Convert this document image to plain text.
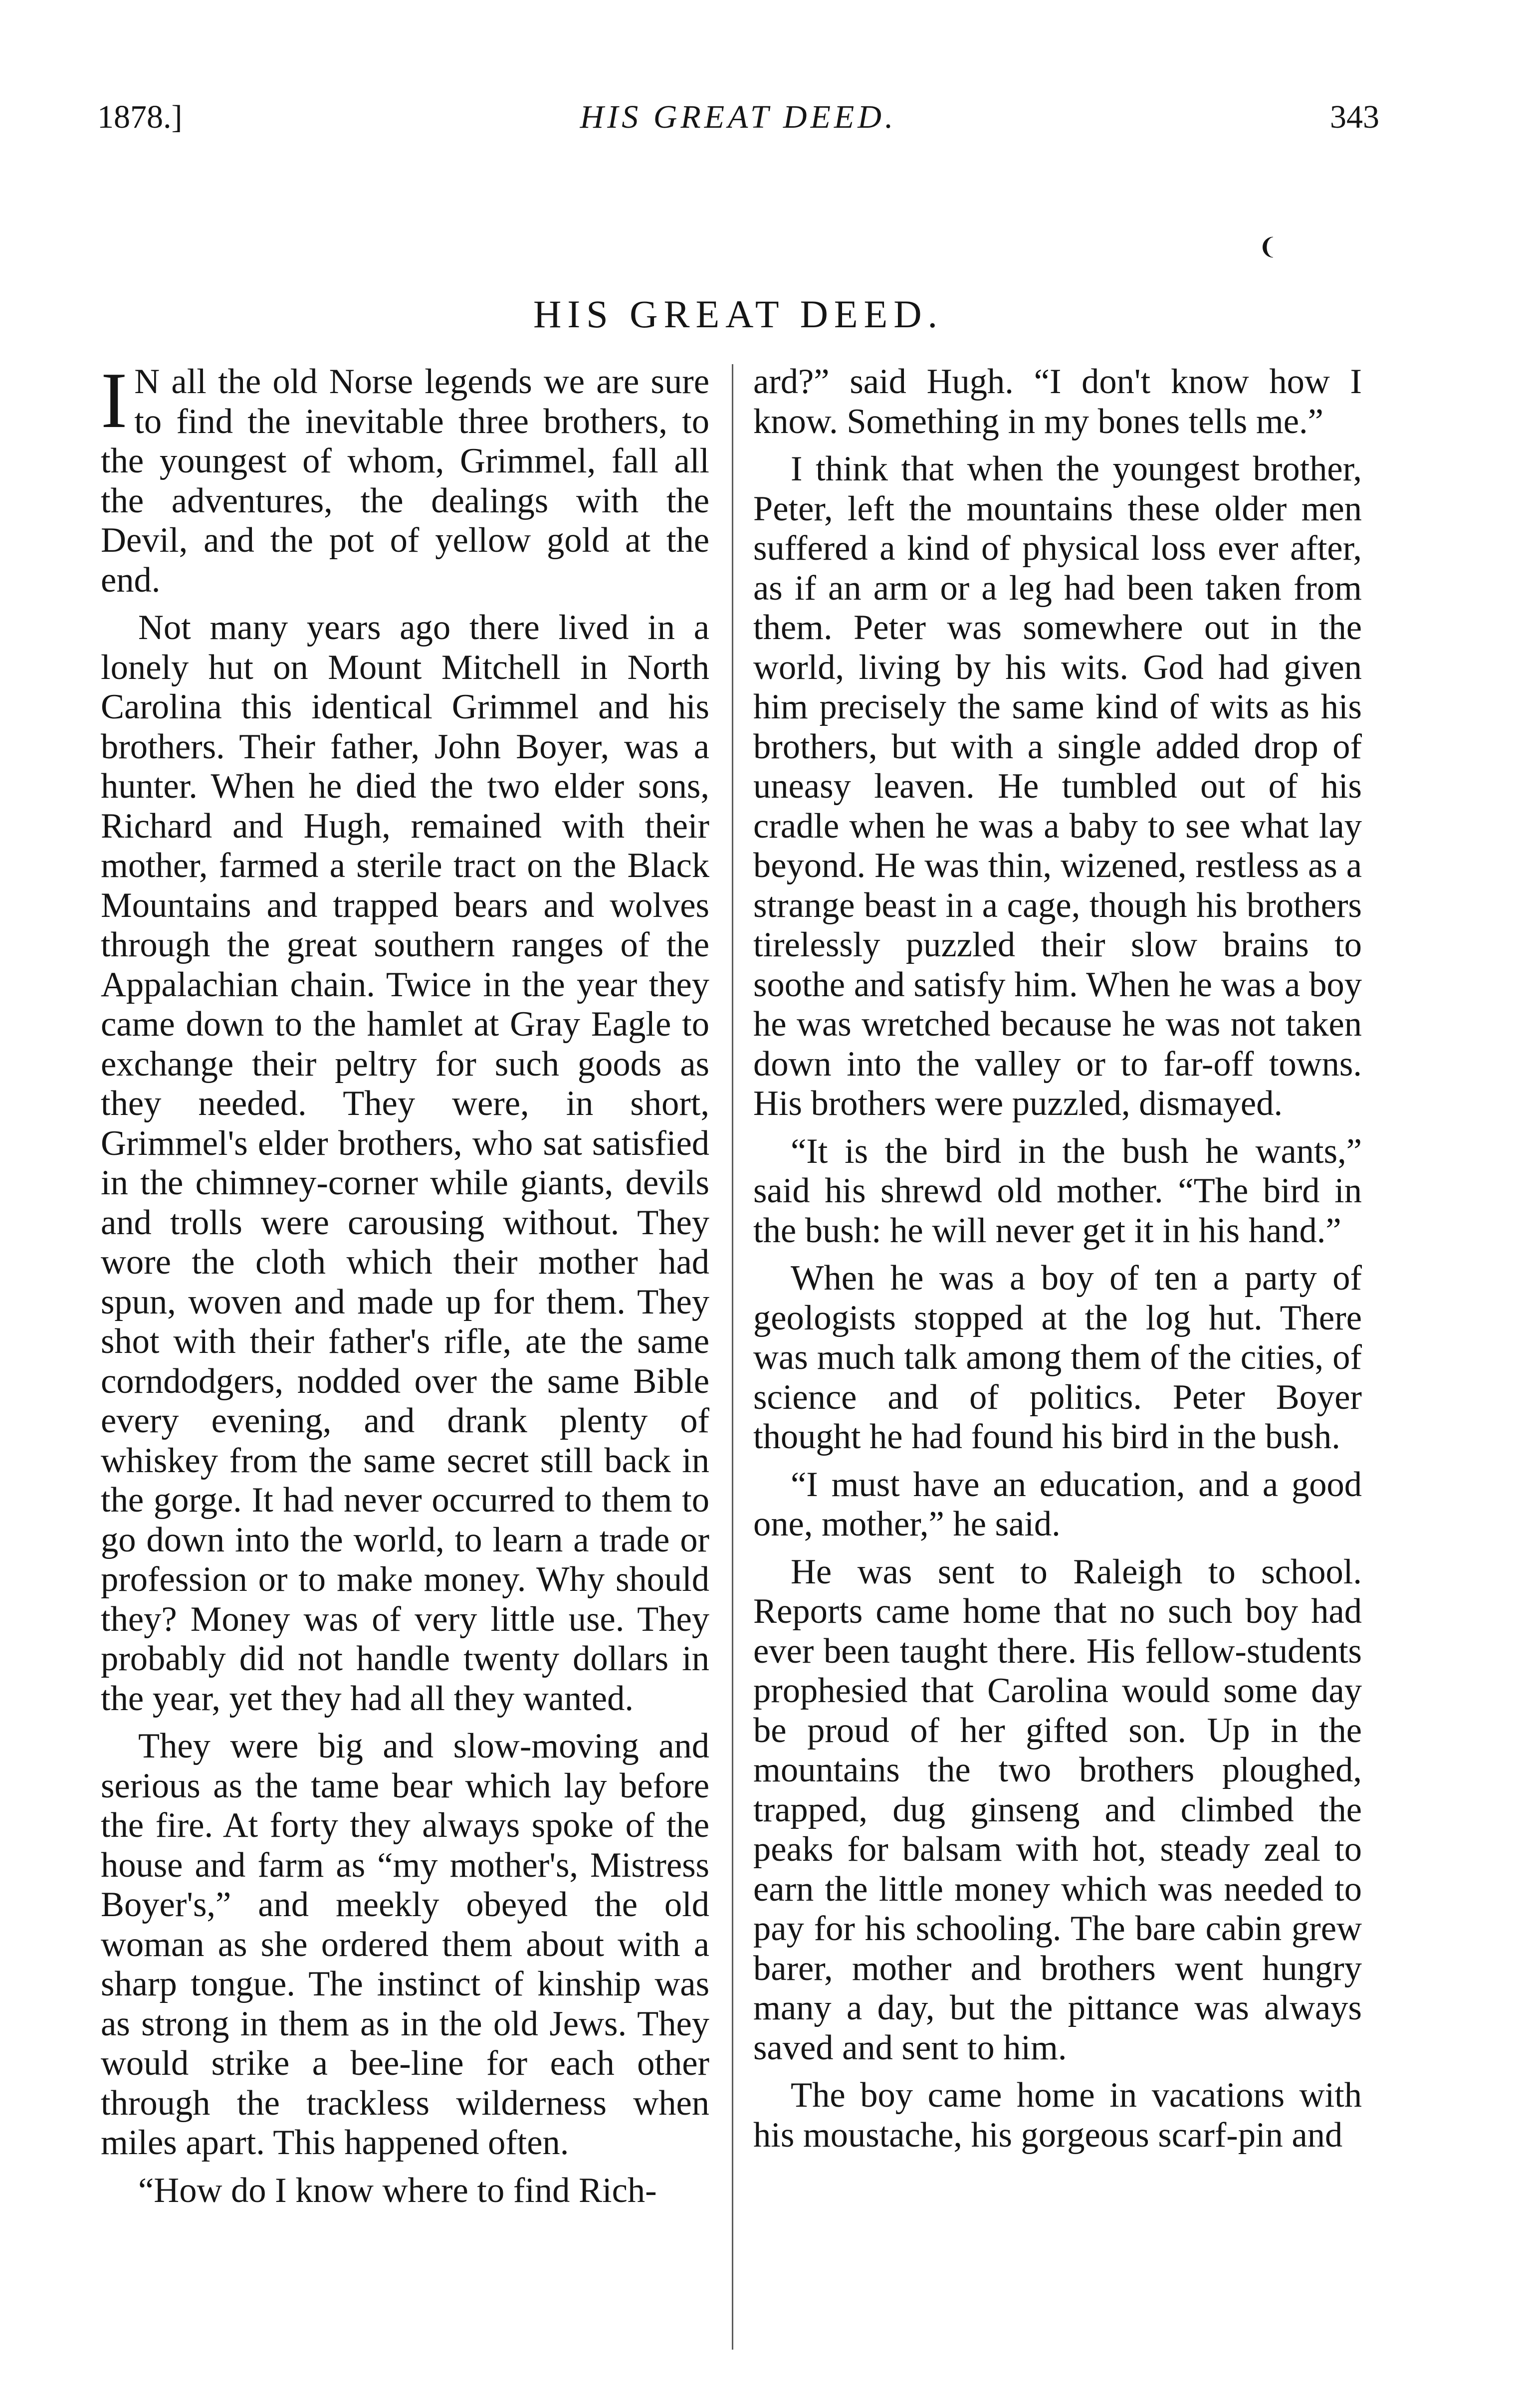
1878.]	HIS GREAT DEED.	343
❨
HIS GREAT DEED.

I N all the old Norse legends we are sure to find the inevitable three brothers, to the youngest of whom, Grimmel, fall all the adventures, the dealings with the Devil, and the pot of yellow gold at the end.

Not many years ago there lived in a lonely hut on Mount Mitchell in North Carolina this identical Grimmel and his brothers. Their father, John Boyer, was a hunter. When he died the two elder sons, Richard and Hugh, remained with their mother, farmed a sterile tract on the Black Mountains and trapped bears and wolves through the great southern ranges of the Appalachian chain. Twice in the year they came down to the hamlet at Gray Eagle to exchange their peltry for such goods as they needed. They were, in short, Grimmel's elder brothers, who sat satisfied in the chimney-corner while giants, devils and trolls were carousing without. They wore the cloth which their mother had spun, woven and made up for them. They shot with their father's rifle, ate the same corndodgers, nodded over the same Bible every evening, and drank plenty of whiskey from the same secret still back in the gorge. It had never occurred to them to go down into the world, to learn a trade or profession or to make money. Why should they? Money was of very little use. They probably did not handle twenty dollars in the year, yet they had all they wanted.

They were big and slow-moving and serious as the tame bear which lay before the fire. At forty they always spoke of the house and farm as “my mother's, Mistress Boyer's,” and meekly obeyed the old woman as she ordered them about with a sharp tongue. The instinct of kinship was as strong in them as in the old Jews. They would strike a bee-line for each other through the trackless wilderness when miles apart. This happened often.

“How do I know where to find Rich-

ard?” said Hugh. “I don't know how I know. Something in my bones tells me.”

I think that when the youngest brother, Peter, left the mountains these older men suffered a kind of physical loss ever after, as if an arm or a leg had been taken from them. Peter was somewhere out in the world, living by his wits. God had given him precisely the same kind of wits as his brothers, but with a single added drop of uneasy leaven. He tumbled out of his cradle when he was a baby to see what lay beyond. He was thin, wizened, restless as a strange beast in a cage, though his brothers tirelessly puzzled their slow brains to soothe and satisfy him. When he was a boy he was wretched because he was not taken down into the valley or to far-off towns. His brothers were puzzled, dismayed.

“It is the bird in the bush he wants,” said his shrewd old mother. “The bird in the bush: he will never get it in his hand.”

When he was a boy of ten a party of geologists stopped at the log hut. There was much talk among them of the cities, of science and of politics. Peter Boyer thought he had found his bird in the bush.

“I must have an education, and a good one, mother,” he said.

He was sent to Raleigh to school. Reports came home that no such boy had ever been taught there. His fellow-students prophesied that Carolina would some day be proud of her gifted son. Up in the mountains the two brothers ploughed, trapped, dug ginseng and climbed the peaks for balsam with hot, steady zeal to earn the little money which was needed to pay for his schooling. The bare cabin grew barer, mother and brothers went hungry many a day, but the pittance was always saved and sent to him.

The boy came home in vacations with his moustache, his gorgeous scarf-pin and
